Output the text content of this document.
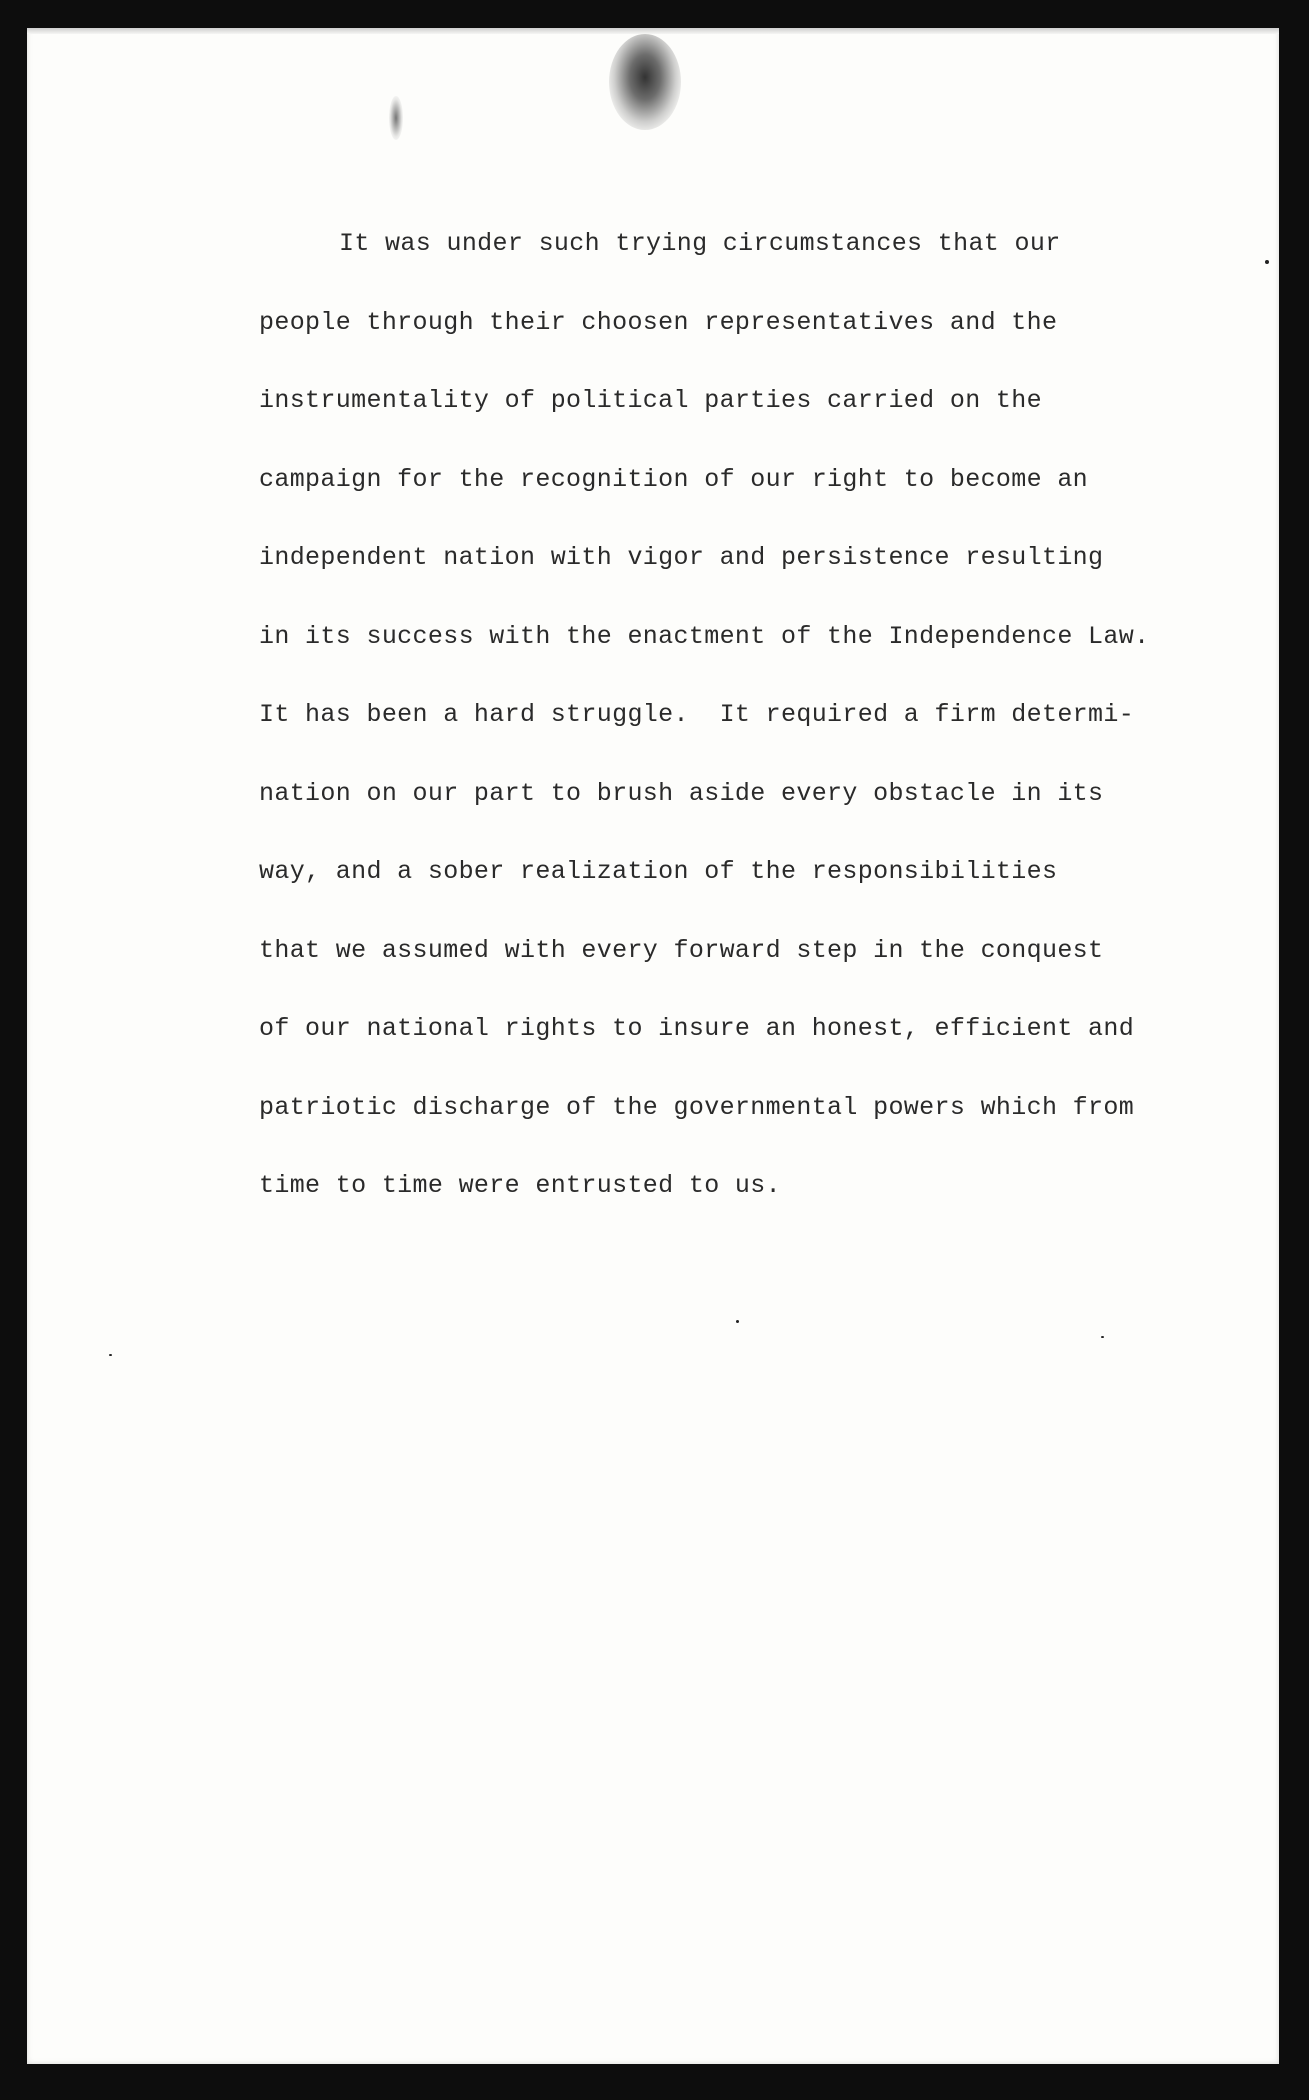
It was under such trying circumstances that our
people through their choosen representatives and the
instrumentality of political parties carried on the
campaign for the recognition of our right to become an
independent nation with vigor and persistence resulting
in its success with the enactment of the Independence Law.
It has been a hard struggle.  It required a firm determi-
nation on our part to brush aside every obstacle in its
way, and a sober realization of the responsibilities
that we assumed with every forward step in the conquest
of our national rights to insure an honest, efficient and
patriotic discharge of the governmental powers which from
time to time were entrusted to us.
